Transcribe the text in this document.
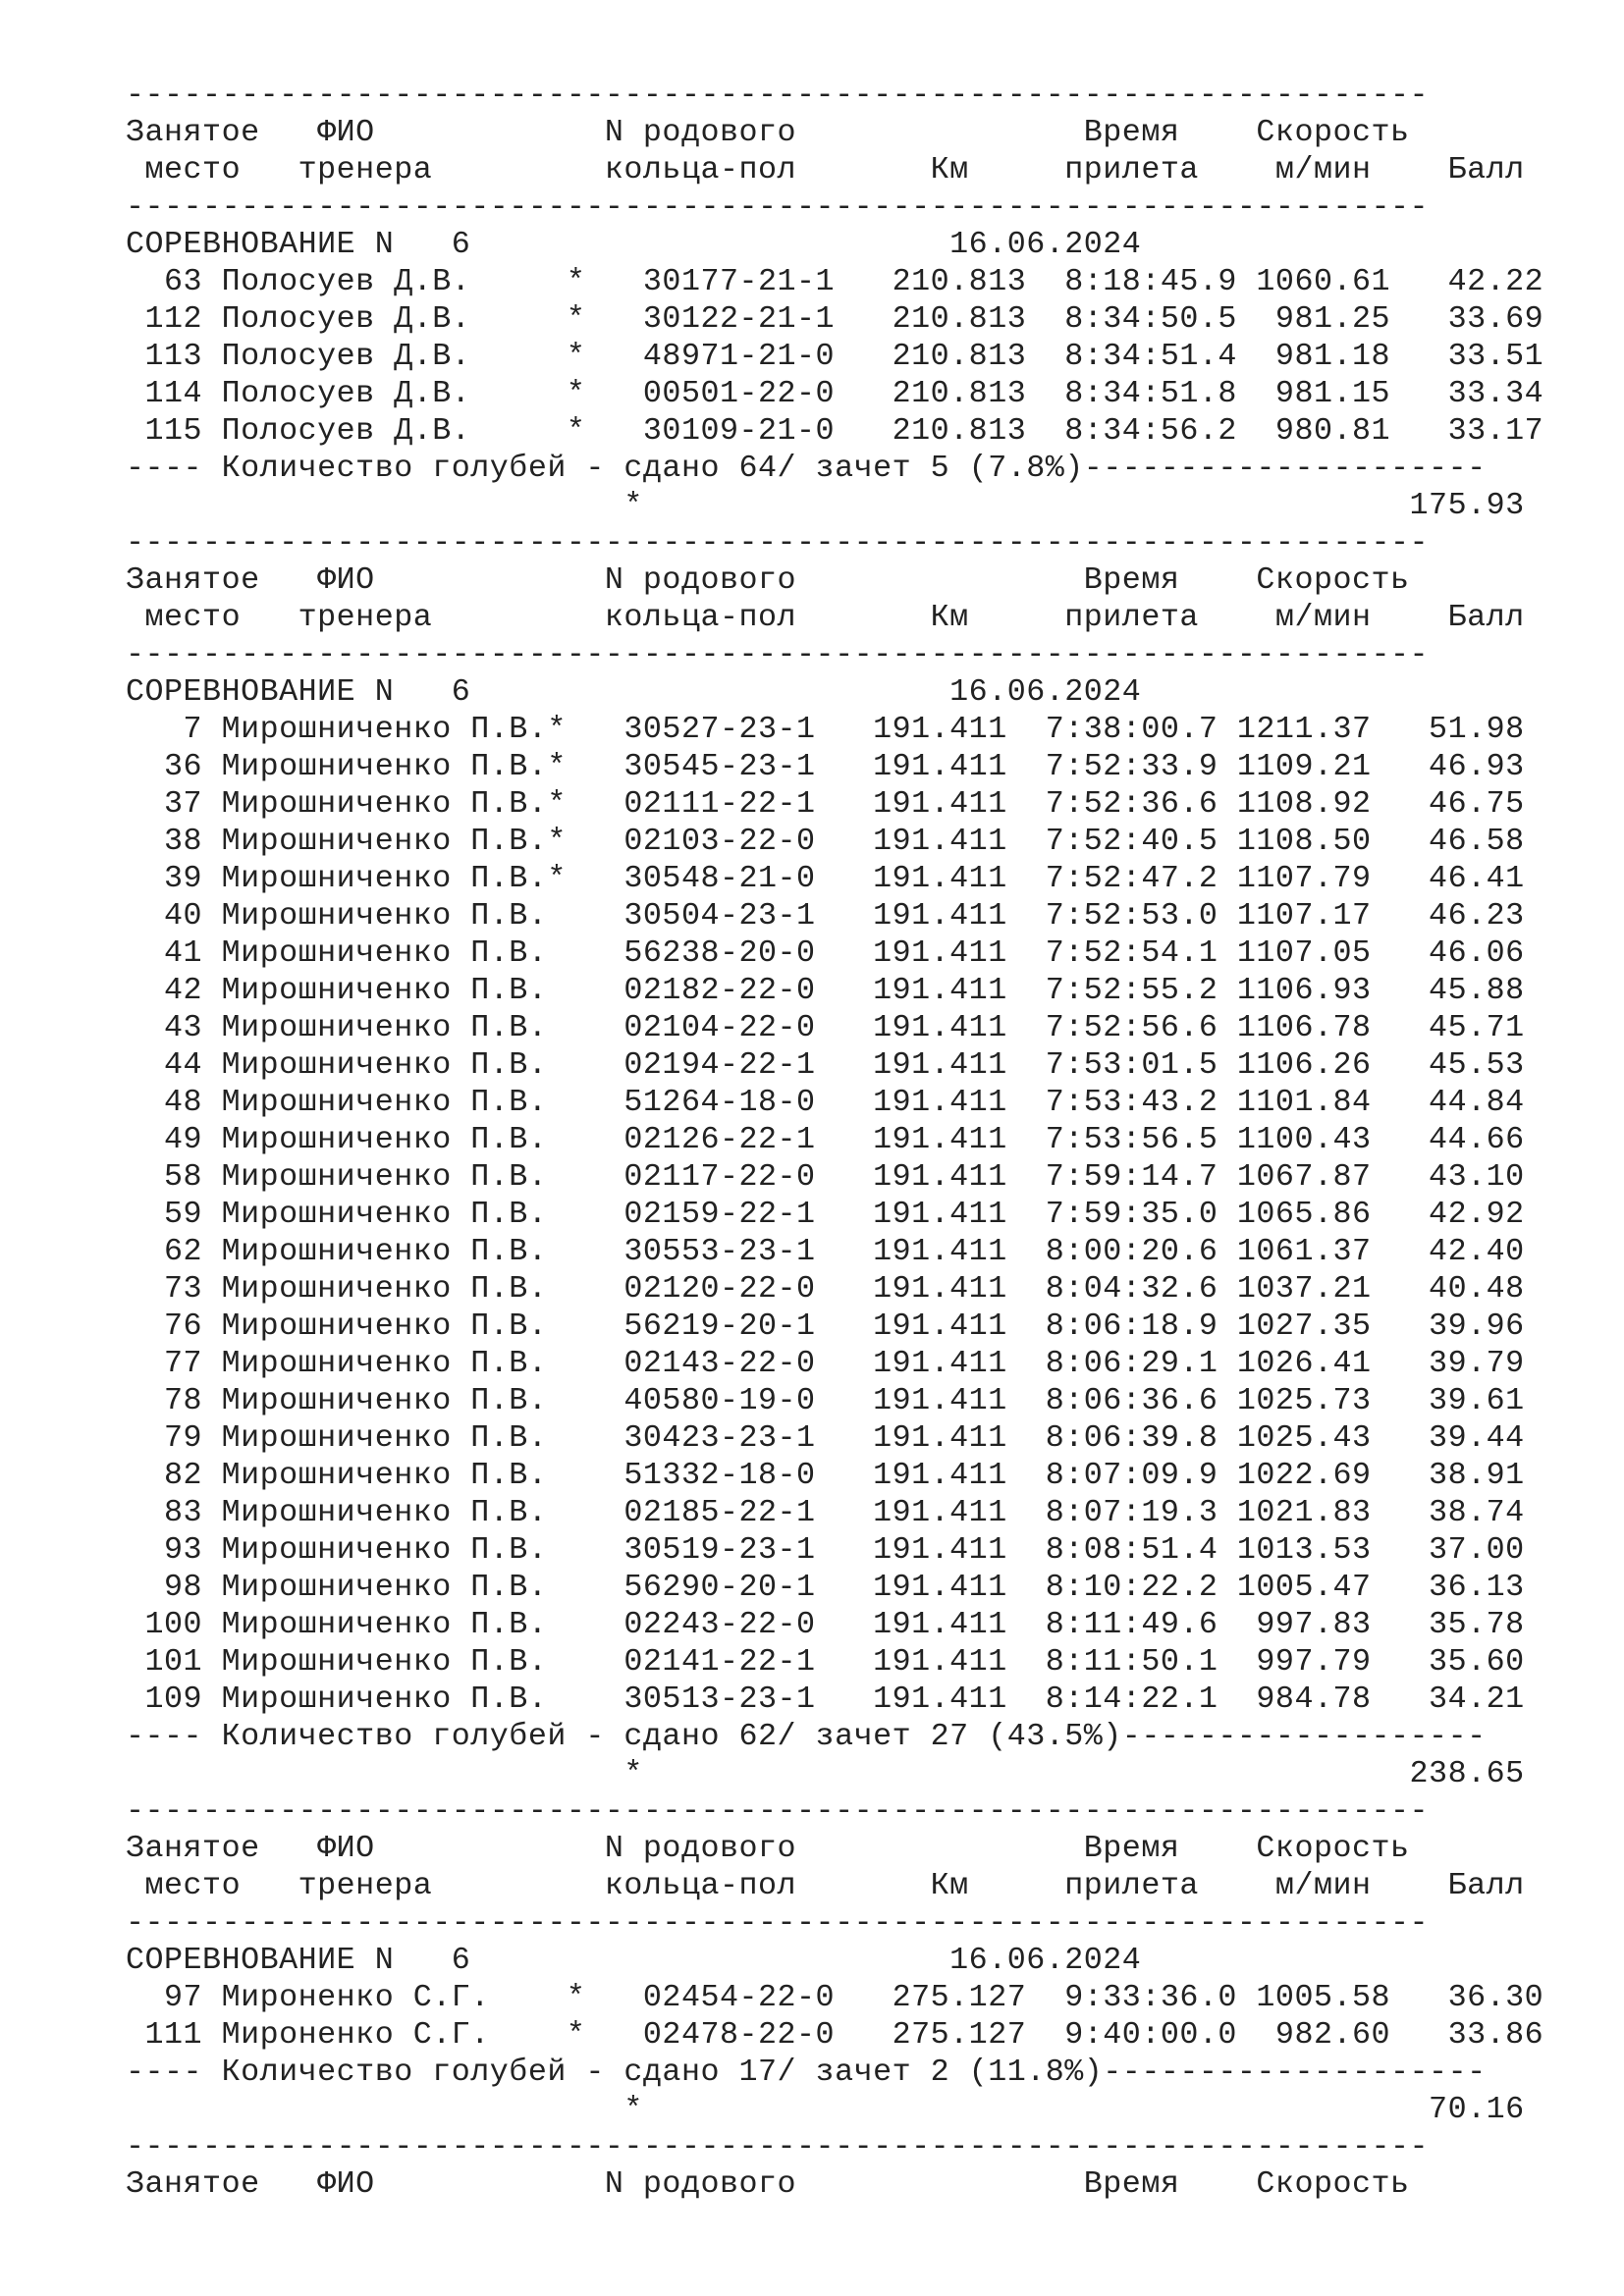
--------------------------------------------------------------------
Занятое   ФИО            N родового               Время    Скорость
место   тренера         кольца-пол       Км     прилета    м/мин    Балл
--------------------------------------------------------------------
СОРЕВНОВАНИЕ N   6                         16.06.2024
63 Полосуев Д.В.     *   30177-21-1   210.813  8:18:45.9 1060.61   42.22
112 Полосуев Д.В.     *   30122-21-1   210.813  8:34:50.5  981.25   33.69
113 Полосуев Д.В.     *   48971-21-0   210.813  8:34:51.4  981.18   33.51
114 Полосуев Д.В.     *   00501-22-0   210.813  8:34:51.8  981.15   33.34
115 Полосуев Д.В.     *   30109-21-0   210.813  8:34:56.2  980.81   33.17
---- Количество голубей - сдано 64/ зачет 5 (7.8%)---------------------
*                                        175.93
--------------------------------------------------------------------
Занятое   ФИО            N родового               Время    Скорость
место   тренера         кольца-пол       Км     прилета    м/мин    Балл
--------------------------------------------------------------------
СОРЕВНОВАНИЕ N   6                         16.06.2024
7 Мирошниченко П.В.*   30527-23-1   191.411  7:38:00.7 1211.37   51.98
36 Мирошниченко П.В.*   30545-23-1   191.411  7:52:33.9 1109.21   46.93
37 Мирошниченко П.В.*   02111-22-1   191.411  7:52:36.6 1108.92   46.75
38 Мирошниченко П.В.*   02103-22-0   191.411  7:52:40.5 1108.50   46.58
39 Мирошниченко П.В.*   30548-21-0   191.411  7:52:47.2 1107.79   46.41
40 Мирошниченко П.В.    30504-23-1   191.411  7:52:53.0 1107.17   46.23
41 Мирошниченко П.В.    56238-20-0   191.411  7:52:54.1 1107.05   46.06
42 Мирошниченко П.В.    02182-22-0   191.411  7:52:55.2 1106.93   45.88
43 Мирошниченко П.В.    02104-22-0   191.411  7:52:56.6 1106.78   45.71
44 Мирошниченко П.В.    02194-22-1   191.411  7:53:01.5 1106.26   45.53
48 Мирошниченко П.В.    51264-18-0   191.411  7:53:43.2 1101.84   44.84
49 Мирошниченко П.В.    02126-22-1   191.411  7:53:56.5 1100.43   44.66
58 Мирошниченко П.В.    02117-22-0   191.411  7:59:14.7 1067.87   43.10
59 Мирошниченко П.В.    02159-22-1   191.411  7:59:35.0 1065.86   42.92
62 Мирошниченко П.В.    30553-23-1   191.411  8:00:20.6 1061.37   42.40
73 Мирошниченко П.В.    02120-22-0   191.411  8:04:32.6 1037.21   40.48
76 Мирошниченко П.В.    56219-20-1   191.411  8:06:18.9 1027.35   39.96
77 Мирошниченко П.В.    02143-22-0   191.411  8:06:29.1 1026.41   39.79
78 Мирошниченко П.В.    40580-19-0   191.411  8:06:36.6 1025.73   39.61
79 Мирошниченко П.В.    30423-23-1   191.411  8:06:39.8 1025.43   39.44
82 Мирошниченко П.В.    51332-18-0   191.411  8:07:09.9 1022.69   38.91
83 Мирошниченко П.В.    02185-22-1   191.411  8:07:19.3 1021.83   38.74
93 Мирошниченко П.В.    30519-23-1   191.411  8:08:51.4 1013.53   37.00
98 Мирошниченко П.В.    56290-20-1   191.411  8:10:22.2 1005.47   36.13
100 Мирошниченко П.В.    02243-22-0   191.411  8:11:49.6  997.83   35.78
101 Мирошниченко П.В.    02141-22-1   191.411  8:11:50.1  997.79   35.60
109 Мирошниченко П.В.    30513-23-1   191.411  8:14:22.1  984.78   34.21
---- Количество голубей - сдано 62/ зачет 27 (43.5%)-------------------
*                                        238.65
--------------------------------------------------------------------
Занятое   ФИО            N родового               Время    Скорость
место   тренера         кольца-пол       Км     прилета    м/мин    Балл
--------------------------------------------------------------------
СОРЕВНОВАНИЕ N   6                         16.06.2024
97 Мироненко С.Г.    *   02454-22-0   275.127  9:33:36.0 1005.58   36.30
111 Мироненко С.Г.    *   02478-22-0   275.127  9:40:00.0  982.60   33.86
---- Количество голубей - сдано 17/ зачет 2 (11.8%)--------------------
*                                         70.16
--------------------------------------------------------------------
Занятое   ФИО            N родового               Время    Скорость
